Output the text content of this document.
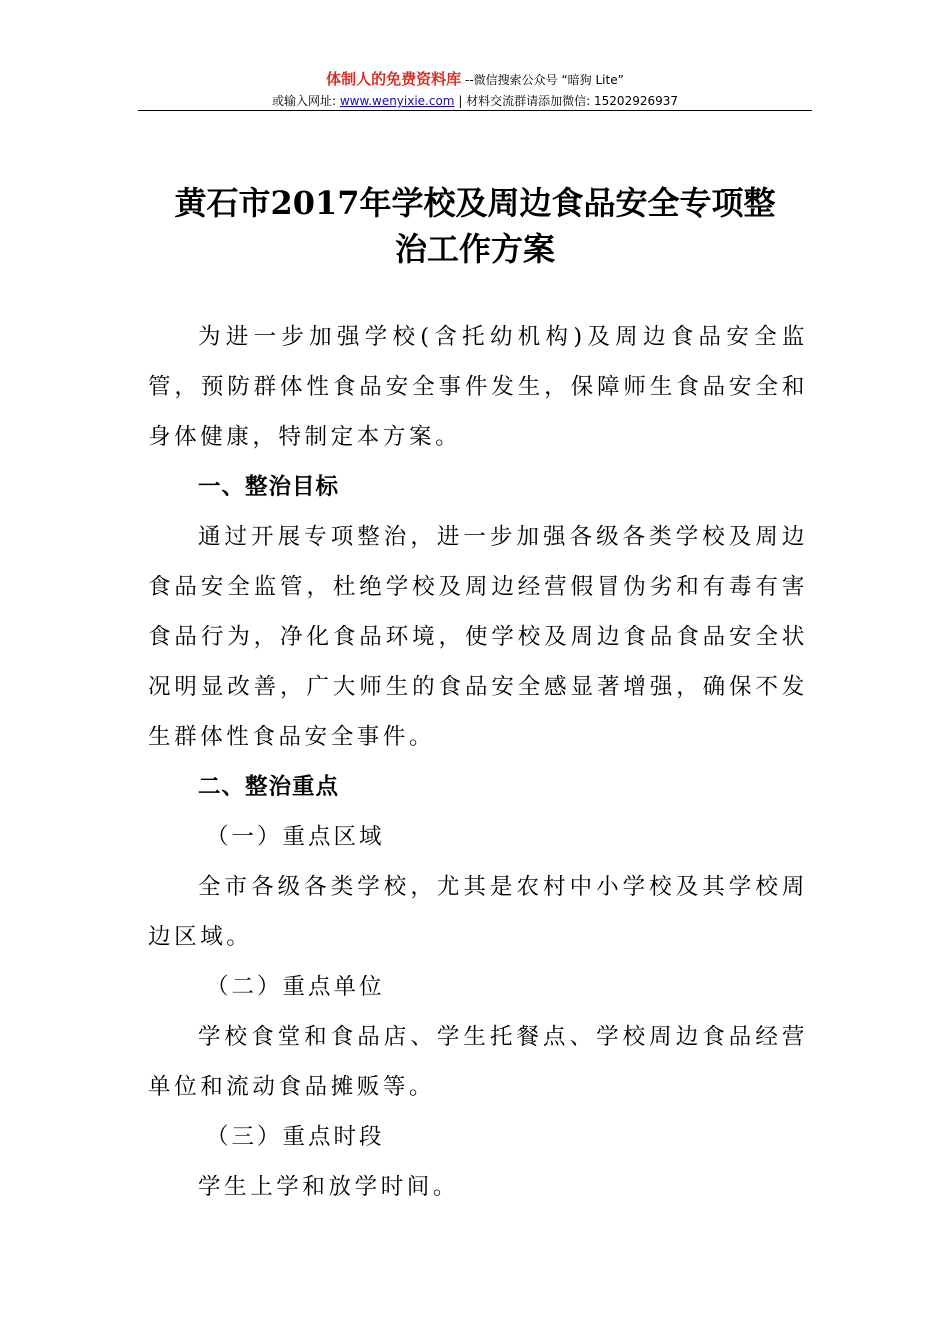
体制人的免费资料库 --微信搜索公众号 “暗狗 Lite”
或输入网址: www.wenyixie.com | 材料交流群请添加微信: 15202926937
黄石市2017年学校及周边食品安全专项整
治工作方案

为进一步加强学校(含托幼机构)及周边食品安全监管，预防群体性食品安全事件发生，保障师生食品安全和身体健康，特制定本方案。

一、整治目标

通过开展专项整治，进一步加强各级各类学校及周边食品安全监管，杜绝学校及周边经营假冒伪劣和有毒有害食品行为，净化食品环境，使学校及周边食品食品安全状况明显改善，广大师生的食品安全感显著增强，确保不发生群体性食品安全事件。

二、整治重点
（一）重点区域

全市各级各类学校，尤其是农村中小学校及其学校周边区域。

（二）重点单位

学校食堂和食品店、学生托餐点、学校周边食品经营单位和流动食品摊贩等。

（三）重点时段

学生上学和放学时间。
